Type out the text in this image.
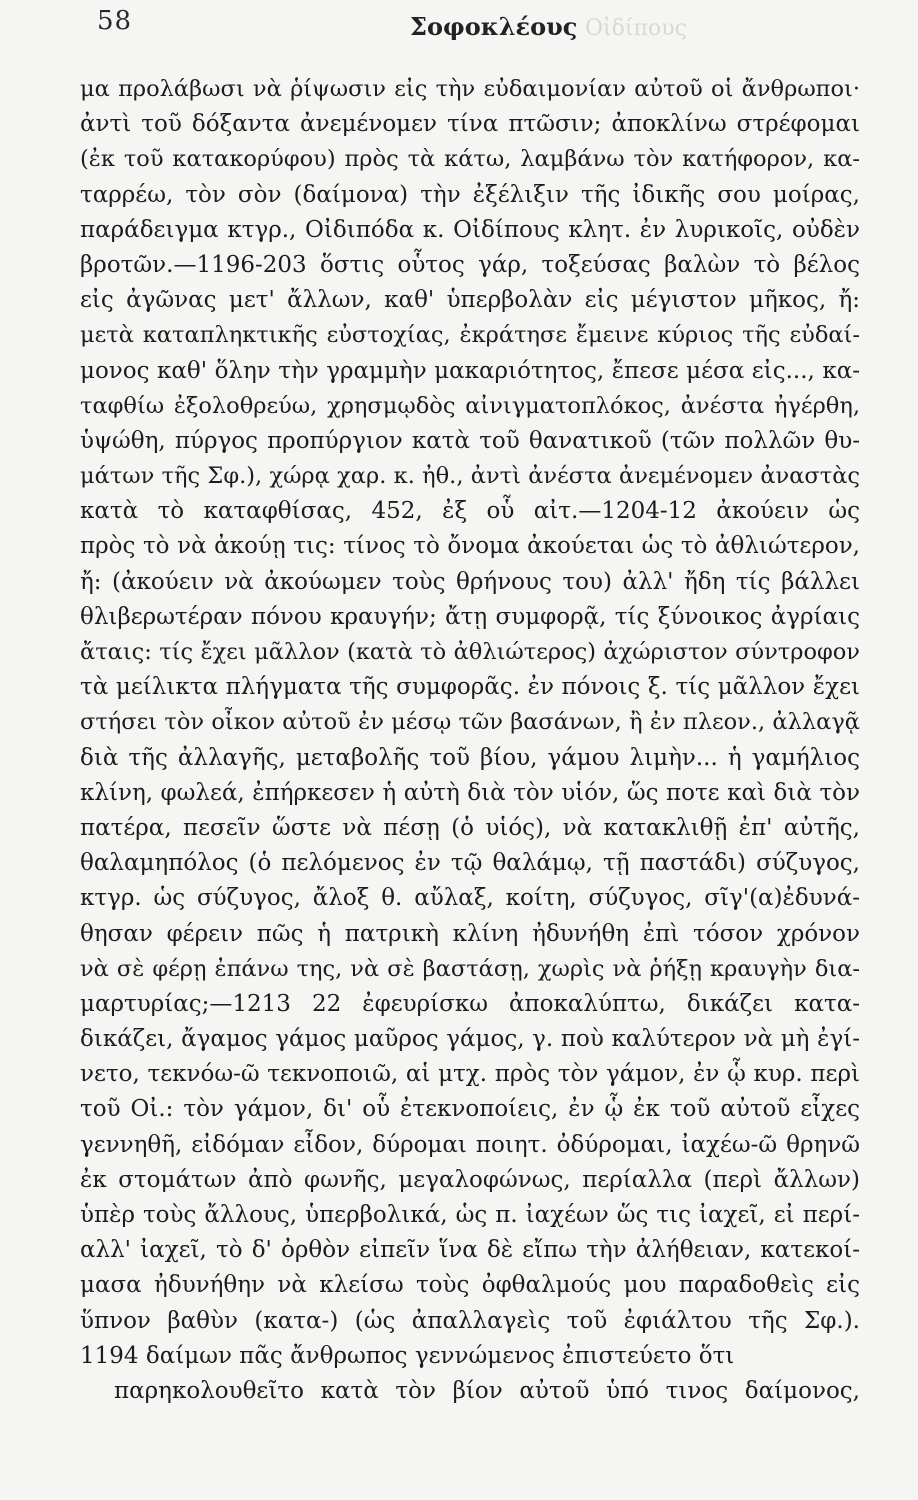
58	Οἰδίπους
Σοφοκλέους
μα προλάβωσι νὰ ῥίψωσιν εἰς τὴν εὐδαιμονίαν αὐτοῦ οἱ ἄνθρωποι·
ἀντὶ τοῦ δόξαντα ἀνεμένομεν τίνα πτῶσιν; ἀποκλίνω στρέφομαι
(ἐκ τοῦ κατακορύφου) πρὸς τὰ κάτω, λαμβάνω τὸν κατήφορον, κα-
ταρρέω, τὸν σὸν (δαίμονα) τὴν ἐξέλιξιν τῆς ἰδικῆς σου μοίρας,
παράδειγμα κτγρ., Οἰδιπόδα κ. Οἰδίπους κλητ. ἐν λυρικοῖς, οὐδὲν
βροτῶν.—1196-203 ὅστις οὗτος γάρ, τοξεύσας βαλὼν τὸ βέλος
εἰς ἀγῶνας μετ' ἄλλων, καθ' ὑπερβολὰν εἰς μέγιστον μῆκος, ἤ:
μετὰ καταπληκτικῆς εὐστοχίας, ἐκράτησε ἔμεινε κύριος τῆς εὐδαί-
μονος καθ' ὅλην τὴν γραμμὴν μακαριότητος, ἔπεσε μέσα εἰς..., κα-
ταφθίω ἐξολοθρεύω, χρησμῳδὸς αἰνιγματοπλόκος, ἀνέστα ἠγέρθη,
ὑψώθη, πύργος προπύργιον κατὰ τοῦ θανατικοῦ (τῶν πολλῶν θυ-
μάτων τῆς Σφ.), χώρᾳ χαρ. κ. ἠθ., ἀντὶ ἀνέστα ἀνεμένομεν ἀναστὰς
κατὰ τὸ καταφθίσας, 452, ἐξ οὗ αἰτ.—1204-12 ἀκούειν ὡς
πρὸς τὸ νὰ ἀκούῃ τις: τίνος τὸ ὄνομα ἀκούεται ὡς τὸ ἀθλιώτερον,
ἤ: (ἀκούειν νὰ ἀκούωμεν τοὺς θρήνους του) ἀλλ' ἤδη τίς βάλλει
θλιβερωτέραν πόνου κραυγήν; ἄτῃ συμφορᾷ, τίς ξύνοικος ἀγρίαις
ἄταις: τίς ἔχει μᾶλλον (κατὰ τὸ ἀθλιώτερος) ἀχώριστον σύντροφον
τὰ μείλικτα πλήγματα τῆς συμφορᾶς. ἐν πόνοις ξ. τίς μᾶλλον ἔχει
στήσει τὸν οἶκον αὐτοῦ ἐν μέσῳ τῶν βασάνων, ἢ ἐν πλεον., ἀλλαγᾷ
διὰ τῆς ἀλλαγῆς, μεταβολῆς τοῦ βίου, γάμου λιμὴν... ἡ γαμήλιος
κλίνη, φωλεά, ἐπήρκεσεν ἡ αὐτὴ διὰ τὸν υἱόν, ὥς ποτε καὶ διὰ τὸν
πατέρα, πεσεῖν ὥστε νὰ πέσῃ (ὁ υἱός), νὰ κατακλιθῇ ἐπ' αὐτῆς,
θαλαμηπόλος (ὁ πελόμενος ἐν τῷ θαλάμῳ, τῇ παστάδι) σύζυγος,
κτγρ. ὡς σύζυγος, ἄλοξ θ. αὔλαξ, κοίτη, σύζυγος, σῖγ'(α)ἐδυνά-
θησαν φέρειν πῶς ἡ πατρικὴ κλίνη ἠδυνήθη ἐπὶ τόσον χρόνον
νὰ σὲ φέρῃ ἐπάνω της, νὰ σὲ βαστάσῃ, χωρὶς νὰ ῥήξῃ κραυγὴν δια-
μαρτυρίας;—1213 22 ἐφευρίσκω ἀποκαλύπτω, δικάζει κατα-
δικάζει, ἄγαμος γάμος μαῦρος γάμος, γ. ποὺ καλύτερον νὰ μὴ ἐγί-
νετο, τεκνόω-ῶ τεκνοποιῶ, αἱ μτχ. πρὸς τὸν γάμον, ἐν ᾧ κυρ. περὶ
τοῦ Οἰ.: τὸν γάμον, δι' οὗ ἐτεκνοποίεις, ἐν ᾧ ἐκ τοῦ αὐτοῦ εἶχες
γεννηθῆ, εἰδόμαν εἶδον, δύρομαι ποιητ. ὀδύρομαι, ἰαχέω-ῶ θρηνῶ
ἐκ στομάτων ἀπὸ φωνῆς, μεγαλοφώνως, περίαλλα (περὶ ἄλλων)
ὑπὲρ τοὺς ἄλλους, ὑπερβολικά, ὡς π. ἰαχέων ὥς τις ἰαχεῖ, εἰ περί-
αλλ' ἰαχεῖ, τὸ δ' ὀρθὸν εἰπεῖν ἵνα δὲ εἴπω τὴν ἀλήθειαν, κατεκοί-
μασα ἠδυνήθην νὰ κλείσω τοὺς ὀφθαλμούς μου παραδοθεὶς εἰς
ὕπνον βαθὺν (κατα-) (ὡς ἀπαλλαγεὶς τοῦ ἐφιάλτου τῆς Σφ.).
1194 δαίμων πᾶς ἄνθρωπος γεννώμενος ἐπιστεύετο ὅτι
παρηκολουθεῖτο κατὰ τὸν βίον αὐτοῦ ὑπό τινος δαίμονος,
